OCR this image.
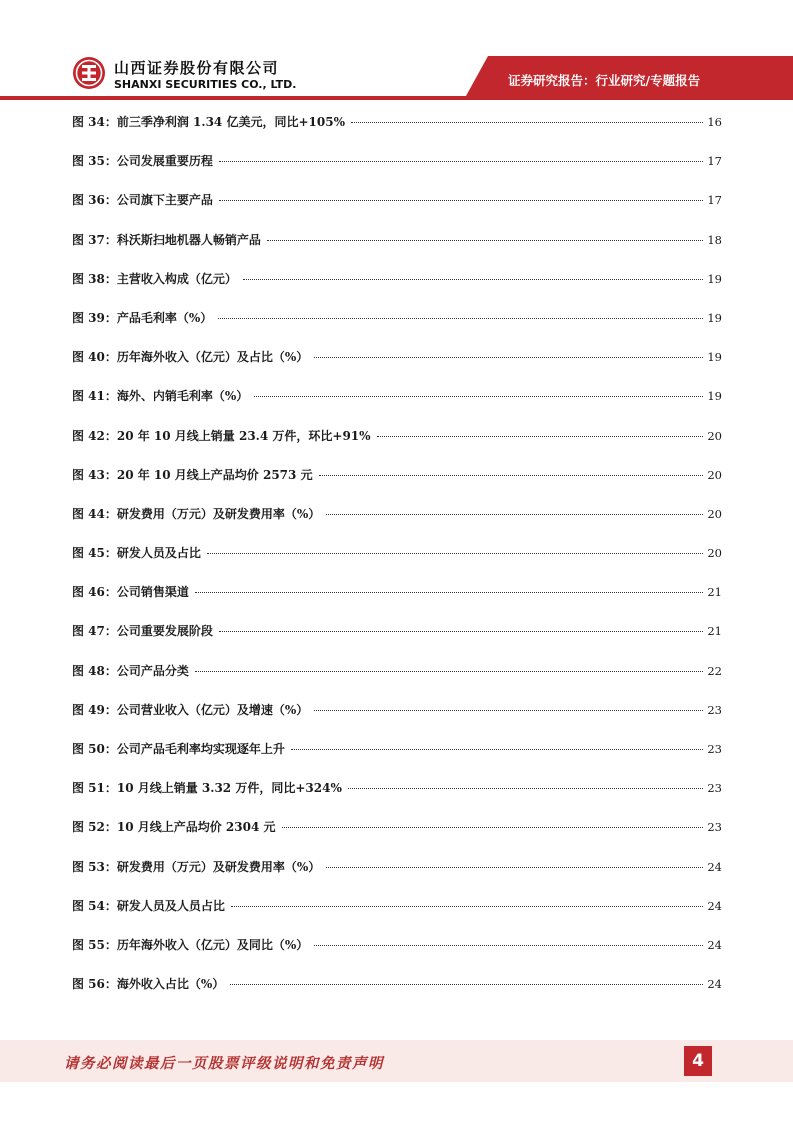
山西证券股份有限公司
SHANXI SECURITIES CO., LTD.	证券研究报告：行业研究/专题报告
图 34：前三季净利润 1.34 亿美元，同比+105%	16
图 35：公司发展重要历程	17
图 36：公司旗下主要产品	17
图 37：科沃斯扫地机器人畅销产品	18
图 38：主营收入构成（亿元）	19
图 39：产品毛利率（%）	19
图 40：历年海外收入（亿元）及占比（%）	19
图 41：海外、内销毛利率（%）	19
图 42：20 年 10 月线上销量 23.4 万件，环比+91%	20
图 43：20 年 10 月线上产品均价 2573 元	20
图 44：研发费用（万元）及研发费用率（%）	20
图 45：研发人员及占比	20
图 46：公司销售渠道	21
图 47：公司重要发展阶段	21
图 48：公司产品分类	22
图 49：公司营业收入（亿元）及增速（%）	23
图 50：公司产品毛利率均实现逐年上升	23
图 51：10 月线上销量 3.32 万件，同比+324%	23
图 52：10 月线上产品均价 2304 元	23
图 53：研发费用（万元）及研发费用率（%）	24
图 54：研发人员及人员占比	24
图 55：历年海外收入（亿元）及同比（%）	24
图 56：海外收入占比（%）	24
请务必阅读最后一页股票评级说明和免责声明	4
